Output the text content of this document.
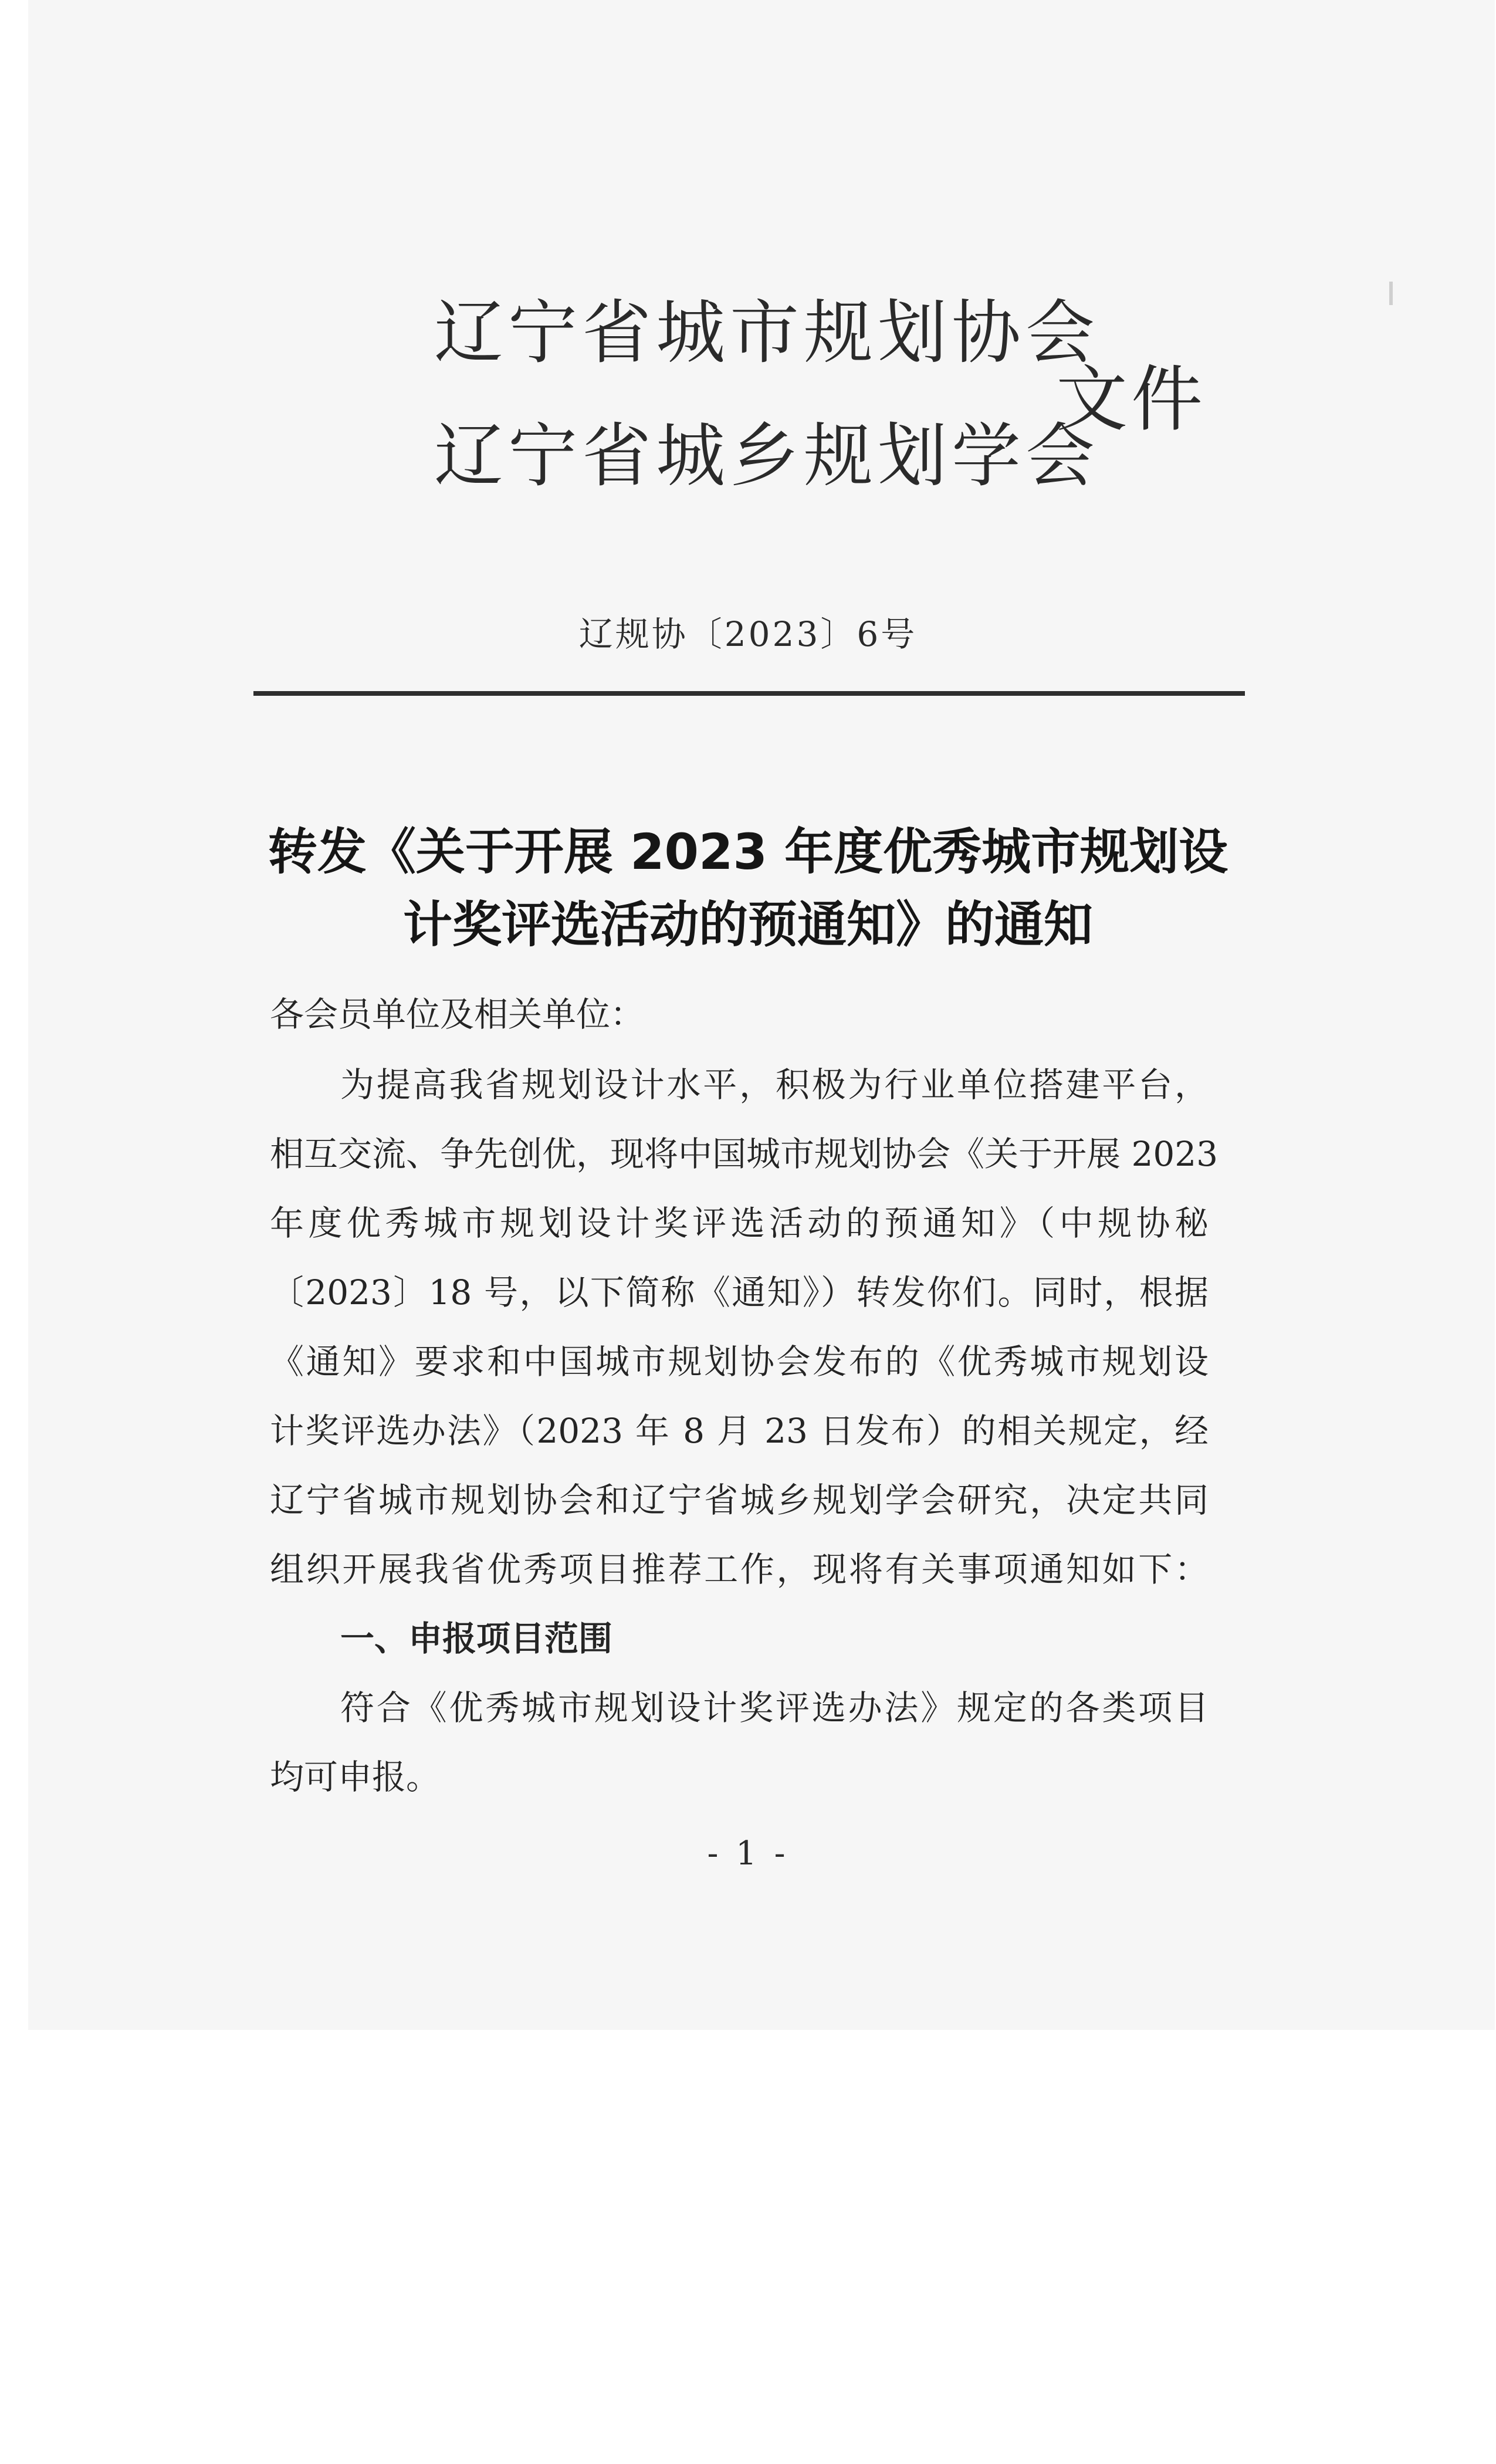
辽宁省城市规划协会
辽宁省城乡规划学会
文件
辽规协〔2023〕6号
转发《关于开展 2023 年度优秀城市规划设
计奖评选活动的预通知》的通知
各会员单位及相关单位：
为提高我省规划设计水平，积极为行业单位搭建平台，
相互交流、争先创优，现将中国城市规划协会《关于开展 2023
年度优秀城市规划设计奖评选活动的预通知》（中规协秘
〔2023〕18 号，以下简称《通知》）转发你们。同时，根据
《通知》要求和中国城市规划协会发布的《优秀城市规划设
计奖评选办法》（2023 年 8 月 23 日发布）的相关规定，经
辽宁省城市规划协会和辽宁省城乡规划学会研究，决定共同
组织开展我省优秀项目推荐工作，现将有关事项通知如下：
一、申报项目范围
符合《优秀城市规划设计奖评选办法》规定的各类项目
均可申报。
- 1 -
